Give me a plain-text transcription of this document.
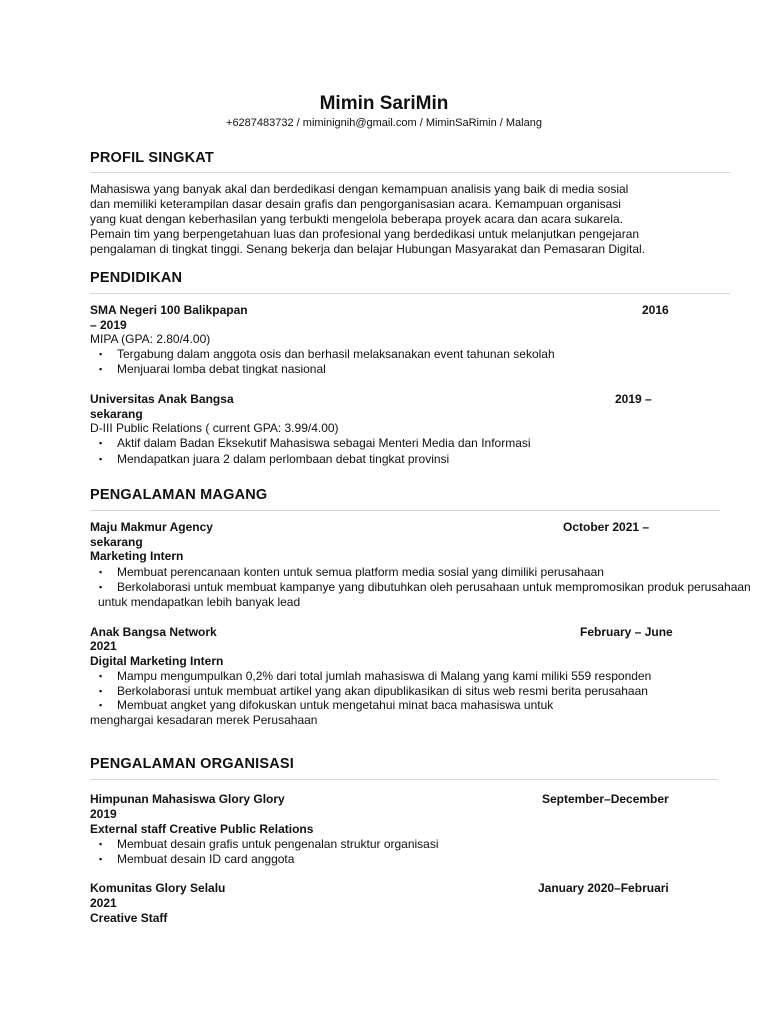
Mimin SariMin
+6287483732 / miminignih@gmail.com / MiminSaRimin / Malang
PROFIL SINGKAT
Mahasiswa yang banyak akal dan berdedikasi dengan kemampuan analisis yang baik di media sosial
dan memiliki keterampilan dasar desain grafis dan pengorganisasian acara. Kemampuan organisasi
yang kuat dengan keberhasilan yang terbukti mengelola beberapa proyek acara dan acara sukarela.
Pemain tim yang berpengetahuan luas dan profesional yang berdedikasi untuk melanjutkan pengejaran
pengalaman di tingkat tinggi. Senang bekerja dan belajar Hubungan Masyarakat dan Pemasaran Digital.
PENDIDIKAN
SMA Negeri 100 Balikpapan	2016
– 2019
MIPA (GPA: 2.80/4.00)
▪ Tergabung dalam anggota osis dan berhasil melaksanakan event tahunan sekolah
▪ Menjuarai lomba debat tingkat nasional
Universitas Anak Bangsa	2019 –
sekarang
D-III Public Relations ( current GPA: 3.99/4.00)
▪ Aktif dalam Badan Eksekutif Mahasiswa sebagai Menteri Media dan Informasi
▪ Mendapatkan juara 2 dalam perlombaan debat tingkat provinsi
PENGALAMAN MAGANG
Maju Makmur Agency	October 2021 –
sekarang
Marketing Intern
▪ Membuat perencanaan konten untuk semua platform media sosial yang dimiliki perusahaan
▪ Berkolaborasi untuk membuat kampanye yang dibutuhkan oleh perusahaan untuk mempromosikan produk perusahaan
untuk mendapatkan lebih banyak lead
Anak Bangsa Network	February – June
2021
Digital Marketing Intern
▪ Mampu mengumpulkan 0,2% dari total jumlah mahasiswa di Malang yang kami miliki 559 responden
▪ Berkolaborasi untuk membuat artikel yang akan dipublikasikan di situs web resmi berita perusahaan
▪ Membuat angket yang difokuskan untuk mengetahui minat baca mahasiswa untuk
menghargai kesadaran merek Perusahaan
PENGALAMAN ORGANISASI
Himpunan Mahasiswa Glory Glory	September–December
2019
External staff Creative Public Relations
▪ Membuat desain grafis untuk pengenalan struktur organisasi
▪ Membuat desain ID card anggota
Komunitas Glory Selalu	January 2020–Februari
2021
Creative Staff
